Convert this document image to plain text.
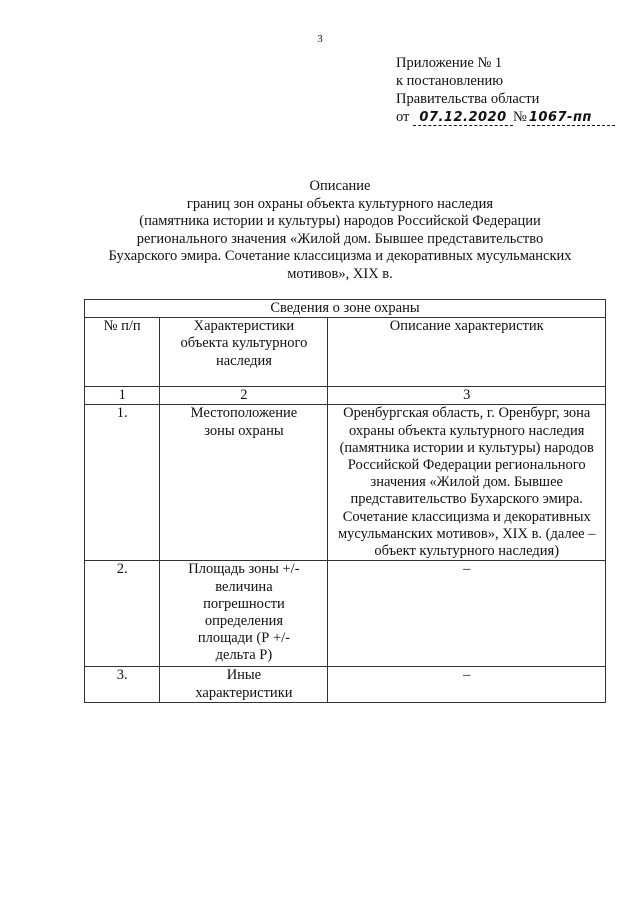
3
Приложение № 1
к постановлению
Правительства области
от 07.12.2020 № 1067-пп
Описание
границ зон охраны объекта культурного наследия
(памятника истории и культуры) народов Российской Федерации
регионального значения «Жилой дом. Бывшее представительство
Бухарского эмира. Сочетание классицизма и декоративных мусульманских
мотивов», XIX в.
Сведения о зоне охраны		
№ п/п	Характеристики объекта культурного наследия	Описание характеристик
1	2	3
1.	Местоположение зоны охраны	Оренбургская область, г. Оренбург, зона охраны объекта культурного наследия (памятника истории и культуры) народов Российской Федерации регионального значения «Жилой дом. Бывшее представительство Бухарского эмира. Сочетание классицизма и декоративных мусульманских мотивов», XIX в. (далее – объект культурного наследия)
2.	Площадь зоны +/- величина погрешности определения площади (Р +/- дельта Р)	–
3.	Иные характеристики	–
